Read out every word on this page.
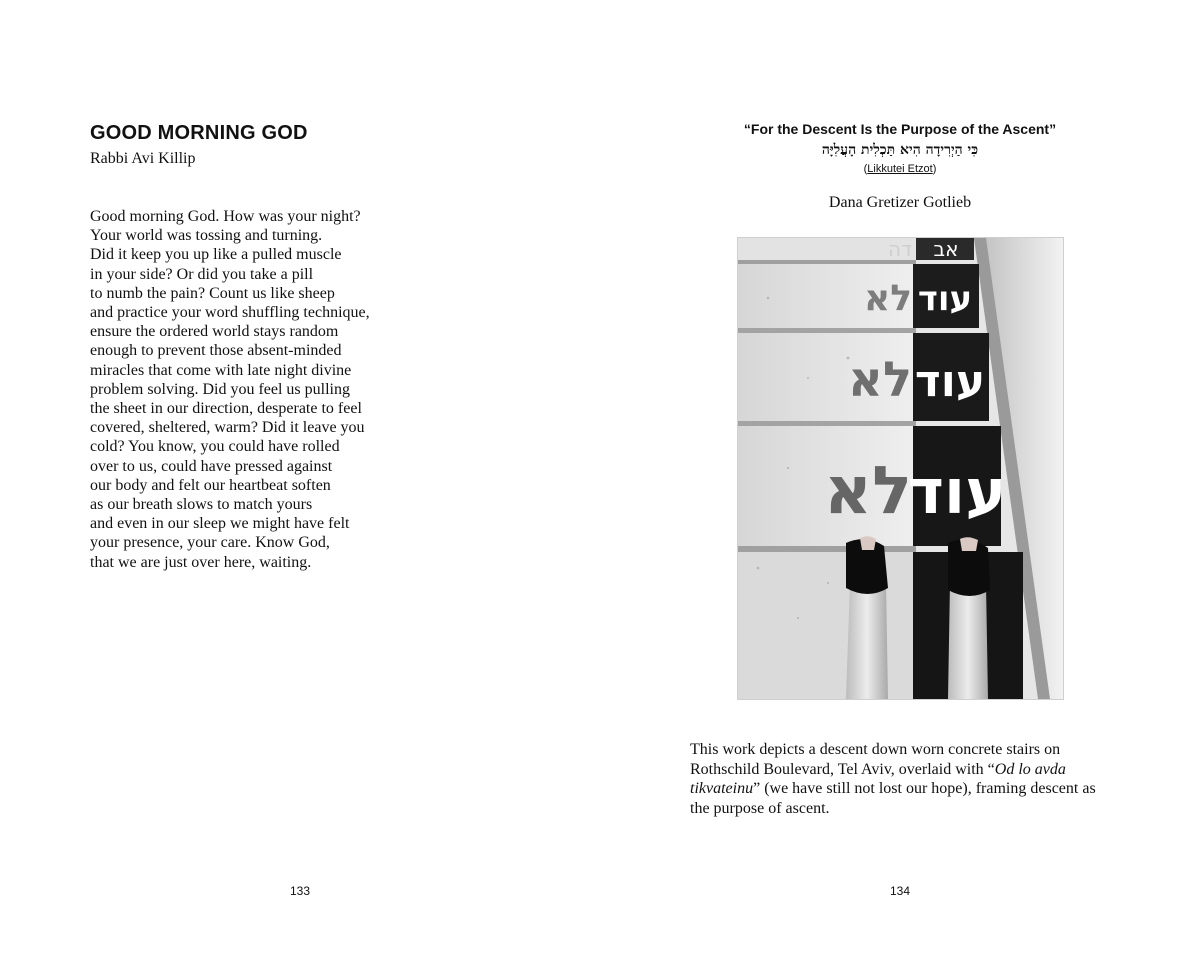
GOOD MORNING GOD
Rabbi Avi Killip
Good morning God. How was your night?
Your world was tossing and turning.
Did it keep you up like a pulled muscle
in your side? Or did you take a pill
to numb the pain? Count us like sheep
and practice your word shuffling technique,
ensure the ordered world stays random
enough to prevent those absent-minded
miracles that come with late night divine
problem solving. Did you feel us pulling
the sheet in our direction, desperate to feel
covered, sheltered, warm? Did it leave you
cold? You know, you could have rolled
over to us, could have pressed against
our body and felt our heartbeat soften
as our breath slows to match yours
and even in our sleep we might have felt
your presence, your care. Know God,
that we are just over here, waiting.
133
“For the Descent Is the Purpose of the Ascent”
כִּי הַיְרִידָה הִיא תַּכְלִית הָעֲלִיָּה
(Likkutei Etzot)
Dana Gretizer Gotlieb
דה אב
לא עוד
לא עוד
לא
עוד
This work depicts a descent down worn concrete stairs on Rothschild Boulevard, Tel Aviv, overlaid with “Od lo avda tikvateinu” (we have still not lost our hope), framing descent as the purpose of ascent.
134
